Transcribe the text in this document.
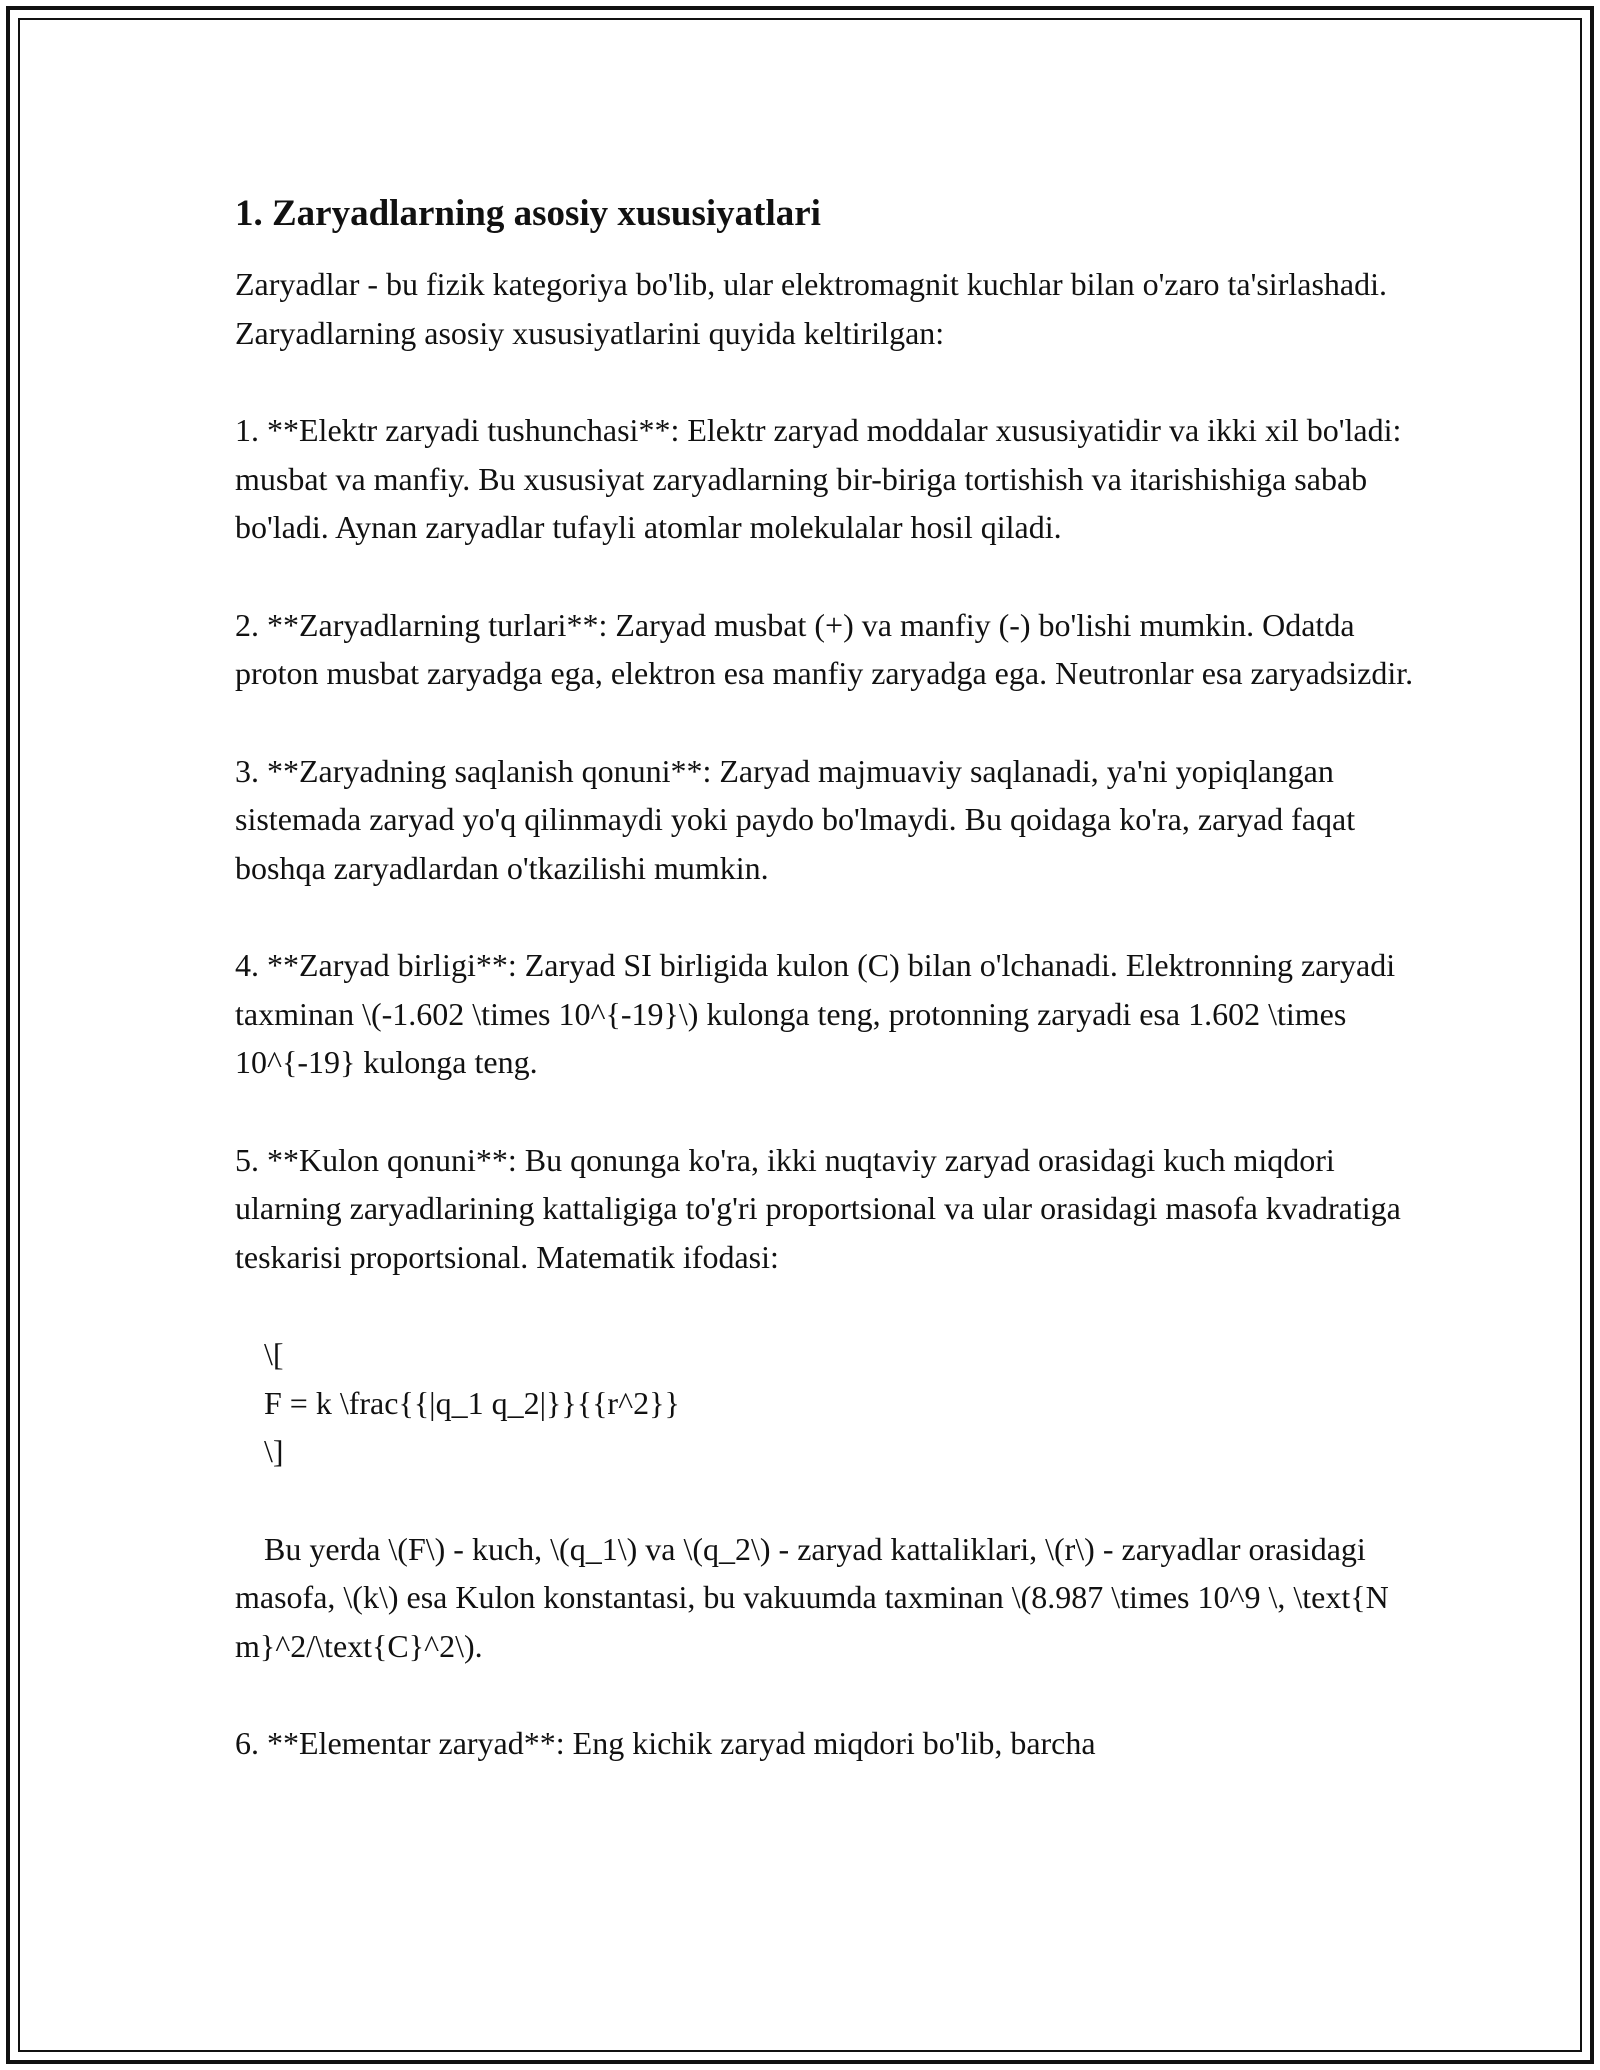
1. Zaryadlarning asosiy xususiyatlari

Zaryadlar - bu fizik kategoriya bo'lib, ular elektromagnit kuchlar bilan o'zaro ta'sirlashadi. Zaryadlarning asosiy xususiyatlarini quyida keltirilgan:

1. **Elektr zaryadi tushunchasi**: Elektr zaryad moddalar xususiyatidir va ikki xil bo'ladi: musbat va manfiy. Bu xususiyat zaryadlarning bir-biriga tortishish va itarishishiga sabab bo'ladi. Aynan zaryadlar tufayli atomlar molekulalar hosil qiladi.

2. **Zaryadlarning turlari**: Zaryad musbat (+) va manfiy (-) bo'lishi mumkin. Odatda proton musbat zaryadga ega, elektron esa manfiy zaryadga ega. Neutronlar esa zaryadsizdir.

3. **Zaryadning saqlanish qonuni**: Zaryad majmuaviy saqlanadi, ya'ni yopiqlangan sistemada zaryad yo'q qilinmaydi yoki paydo bo'lmaydi. Bu qoidaga ko'ra, zaryad faqat boshqa zaryadlardan o'tkazilishi mumkin.

4. **Zaryad birligi**: Zaryad SI birligida kulon (C) bilan o'lchanadi. Elektronning zaryadi taxminan \(-1.602 \times 10^{-19}\) kulonga teng, protonning zaryadi esa 1.602 \times 10^{-19} kulonga teng.

5. **Kulon qonuni**: Bu qonunga ko'ra, ikki nuqtaviy zaryad orasidagi kuch miqdori ularning zaryadlarining kattaligiga to'g'ri proportsional va ular orasidagi masofa kvadratiga teskarisi proportsional. Matematik ifodasi:

\[
F = k \frac{{|q_1 q_2|}}{{r^2}}
\]

Bu yerda \(F\) - kuch, \(q_1\) va \(q_2\) - zaryad kattaliklari, \(r\) - zaryadlar orasidagi masofa, \(k\) esa Kulon konstantasi, bu vakuumda taxminan \(8.987 \times 10^9 \, \text{N m}^2/\text{C}^2\).

6. **Elementar zaryad**: Eng kichik zaryad miqdori bo'lib, barcha
